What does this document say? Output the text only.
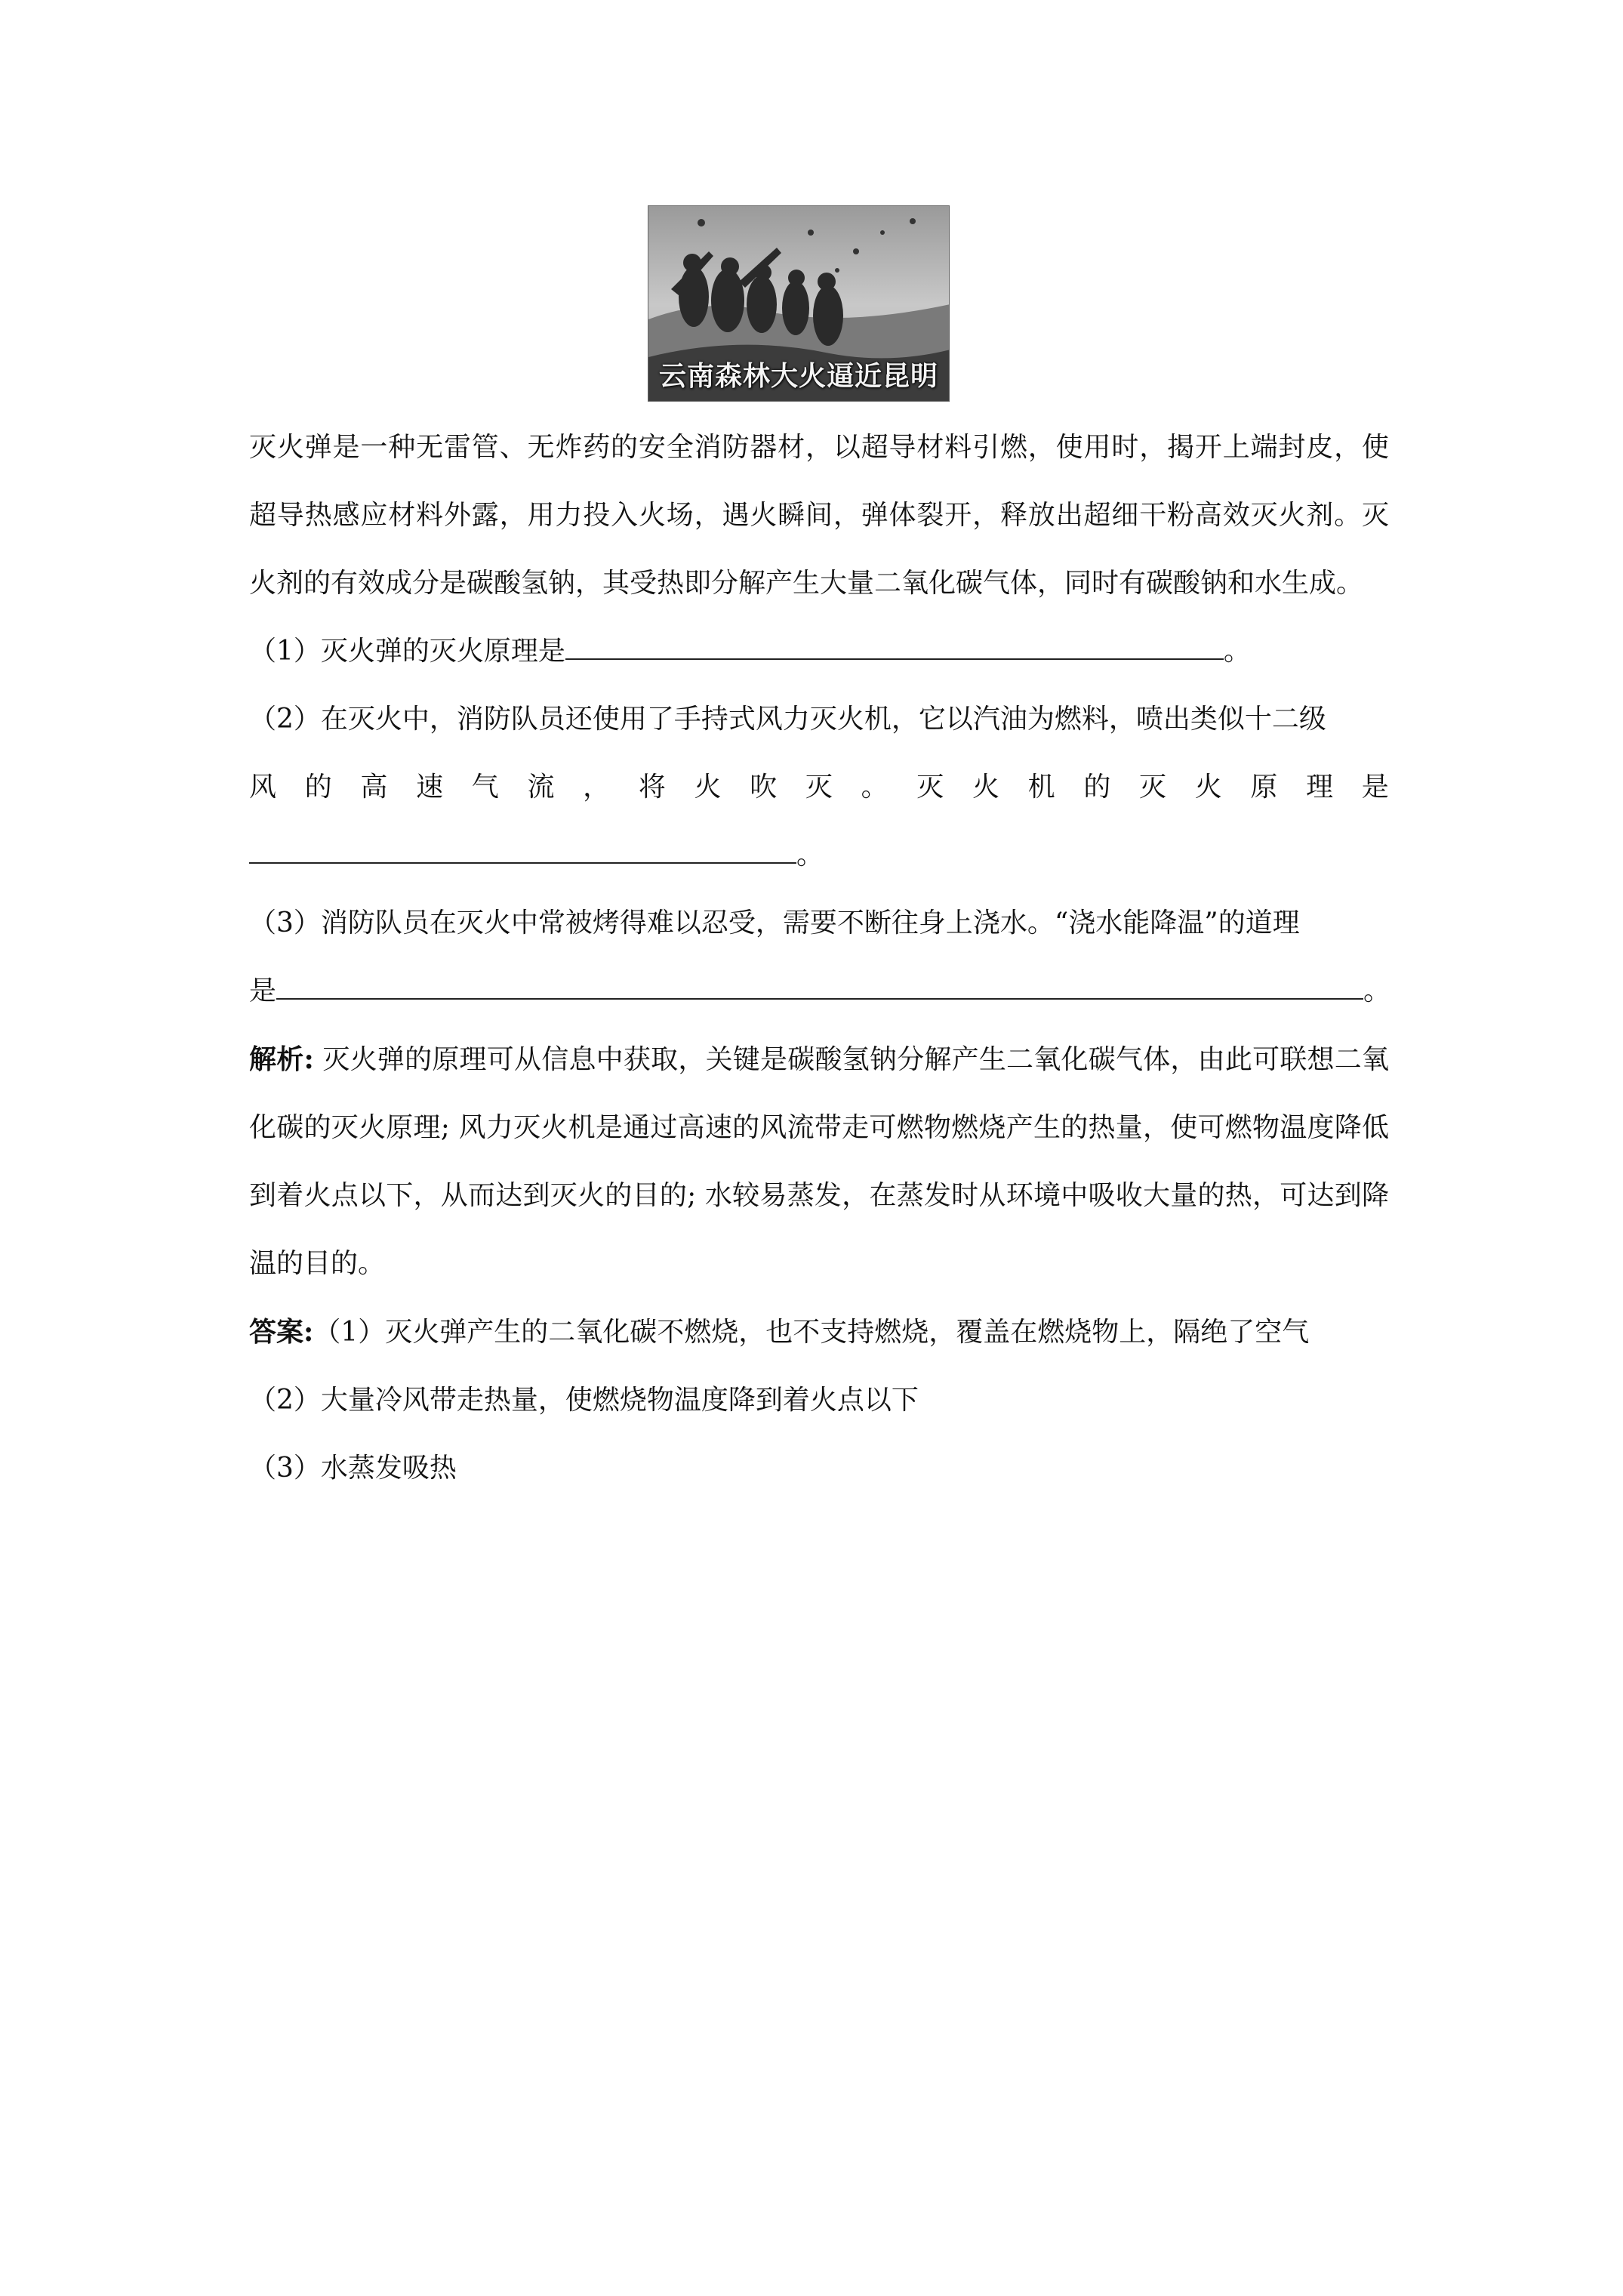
云南森林大火逼近昆明

灭火弹是一种无雷管、无炸药的安全消防器材，以超导材料引燃，使用时，揭开上端封皮，使超导热感应材料外露，用力投入火场，遇火瞬间，弹体裂开，释放出超细干粉高效灭火剂。灭火剂的有效成分是碳酸氢钠，其受热即分解产生大量二氧化碳气体，同时有碳酸钠和水生成。

（1）灭火弹的灭火原理是	。

（2）在灭火中，消防队员还使用了手持式风力灭火机，它以汽油为燃料，喷出类似十二级

风 的 高 速 气 流 ， 将 火 吹 灭 。 灭 火 机 的 灭 火 原 理 是

。

（3）消防队员在灭火中常被烤得难以忍受，需要不断往身上浇水。“浇水能降温”的道理

是	。

解析: 灭火弹的原理可从信息中获取，关键是碳酸氢钠分解产生二氧化碳气体，由此可联想二氧化碳的灭火原理; 风力灭火机是通过高速的风流带走可燃物燃烧产生的热量，使可燃物温度降低到着火点以下，从而达到灭火的目的; 水较易蒸发，在蒸发时从环境中吸收大量的热，可达到降温的目的。

答案:（1）灭火弹产生的二氧化碳不燃烧，也不支持燃烧，覆盖在燃烧物上，隔绝了空气

（2）大量冷风带走热量，使燃烧物温度降到着火点以下

（3）水蒸发吸热
